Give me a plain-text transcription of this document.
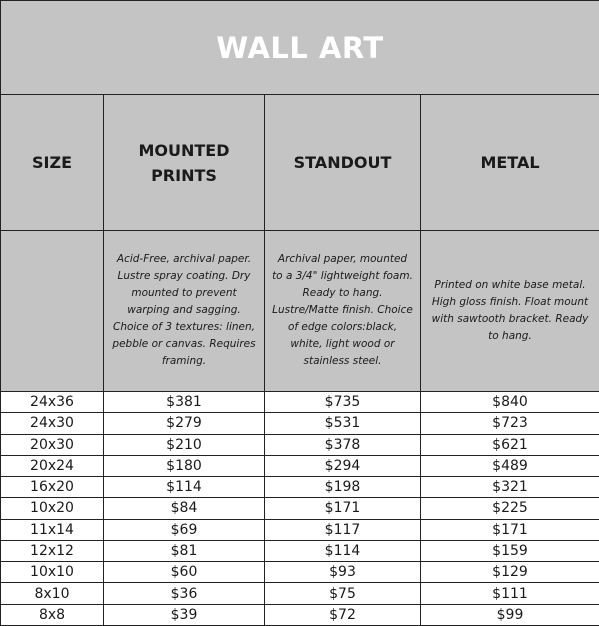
WALL ART			
SIZE	MOUNTED PRINTS	STANDOUT	METAL
	Acid-Free, archival paper. Lustre spray coating. Dry mounted to prevent warping and sagging. Choice of 3 textures: linen, pebble or canvas. Requires framing.	Archival paper, mounted to a 3/4" lightweight foam. Ready to hang. Lustre/Matte finish. Choice of edge colors:black, white, light wood or stainless steel.	Printed on white base metal. High gloss finish. Float mount with sawtooth bracket. Ready to hang.
24x36	$381	$735	$840
24x30	$279	$531	$723
20x30	$210	$378	$621
20x24	$180	$294	$489
16x20	$114	$198	$321
10x20	$84	$171	$225
11x14	$69	$117	$171
12x12	$81	$114	$159
10x10	$60	$93	$129
8x10	$36	$75	$111
8x8	$39	$72	$99
